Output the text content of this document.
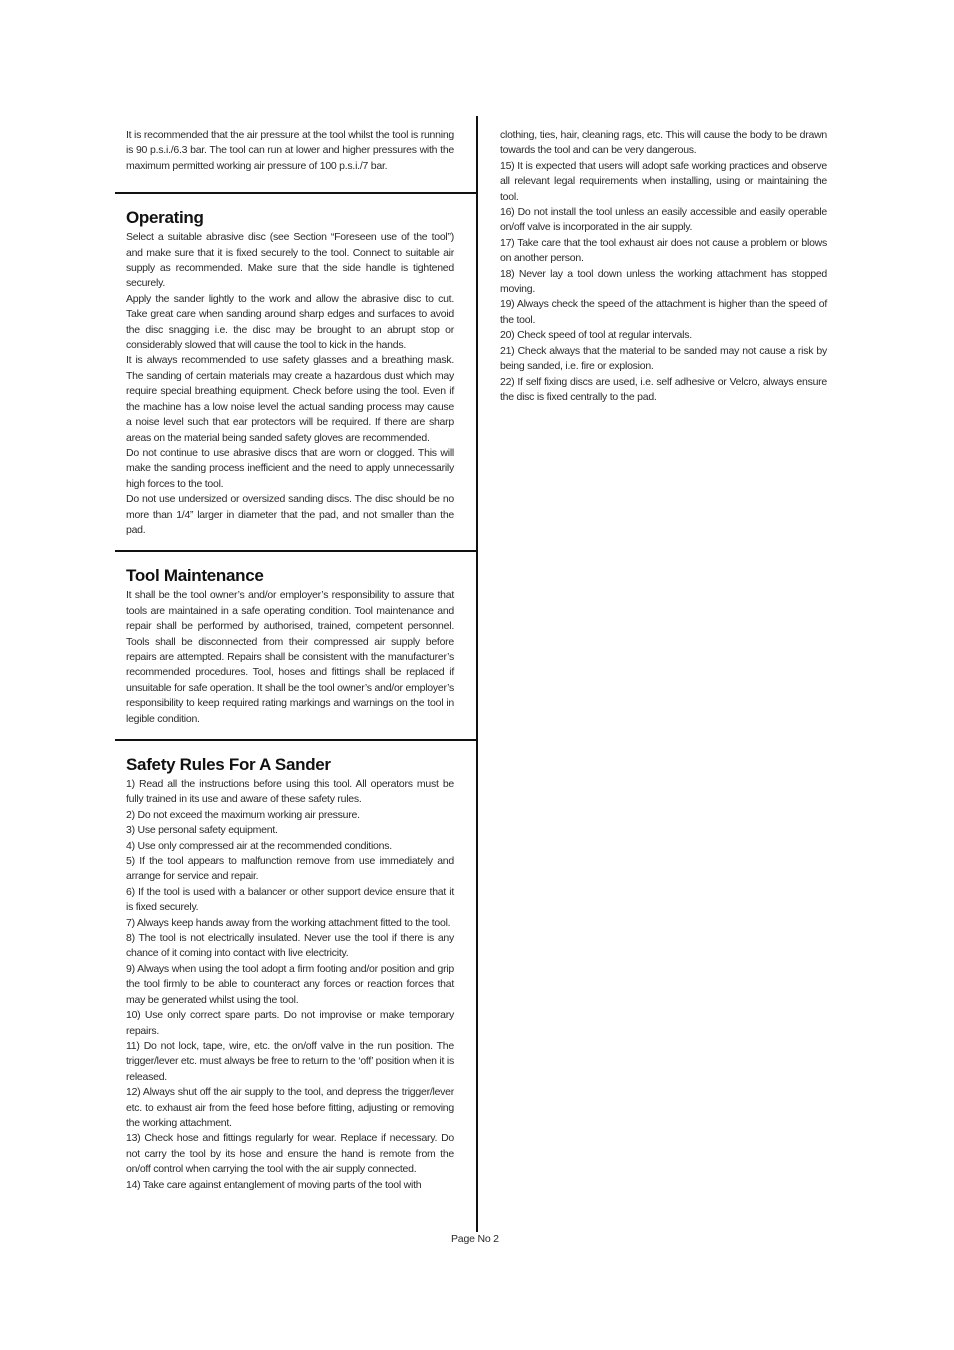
It is recommended that the air pressure at the tool whilst the tool is running is 90 p.s.i./6.3 bar. The tool can run at lower and higher pressures with the maximum permitted working air pressure of 100 p.s.i./7 bar.

Operating

Select a suitable abrasive disc (see Section “Foreseen use of the tool”) and make sure that it is fixed securely to the tool. Connect to suitable air supply as recommended. Make sure that the side handle is tightened securely.

Apply the sander lightly to the work and allow the abrasive disc to cut. Take great care when sanding around sharp edges and surfaces to avoid the disc snagging i.e. the disc may be brought to an abrupt stop or considerably slowed that will cause the tool to kick in the hands.

It is always recommended to use safety glasses and a breathing mask. The sanding of certain materials may create a hazardous dust which may require special breathing equipment. Check before using the tool. Even if the machine has a low noise level the actual sanding process may cause a noise level such that ear protectors will be required. If there are sharp areas on the material being sanded safety gloves are recommended.

Do not continue to use abrasive discs that are worn or clogged. This will make the sanding process inefficient and the need to apply unnecessarily high forces to the tool.

Do not use undersized or oversized sanding discs. The disc should be no more than 1/4” larger in diameter that the pad, and not smaller than the pad.

Tool Maintenance

It shall be the tool owner’s and/or employer’s responsibility to assure that tools are maintained in a safe operating condition. Tool maintenance and repair shall be performed by authorised, trained, competent personnel. Tools shall be disconnected from their compressed air supply before repairs are attempted. Repairs shall be consistent with the manufacturer’s recommended procedures. Tool, hoses and fittings shall be replaced if unsuitable for safe operation. It shall be the tool owner’s and/or employer’s responsibility to keep required rating markings and warnings on the tool in legible condition.

Safety Rules For A Sander

1) Read all the instructions before using this tool. All operators must be fully trained in its use and aware of these safety rules.

2) Do not exceed the maximum working air pressure.

3) Use personal safety equipment.

4) Use only compressed air at the recommended conditions.

5) If the tool appears to malfunction remove from use immediately and arrange for service and repair.

6) If the tool is used with a balancer or other support device ensure that it is fixed securely.

7) Always keep hands away from the working attachment fitted to the tool.

8) The tool is not electrically insulated. Never use the tool if there is any chance of it coming into contact with live electricity.

9) Always when using the tool adopt a firm footing and/or position and grip the tool firmly to be able to counteract any forces or reaction forces that may be generated whilst using the tool.

10) Use only correct spare parts. Do not improvise or make temporary repairs.

11) Do not lock, tape, wire, etc. the on/off valve in the run position. The trigger/lever etc. must always be free to return to the ‘off’ position when it is released.

12) Always shut off the air supply to the tool, and depress the trigger/lever etc. to exhaust air from the feed hose before fitting, adjusting or removing the working attachment.

13) Check hose and fittings regularly for wear. Replace if necessary. Do not carry the tool by its hose and ensure the hand is remote from the on/off control when carrying the tool with the air supply connected.

14) Take care against entanglement of moving parts of the tool with

clothing, ties, hair, cleaning rags, etc. This will cause the body to be drawn towards the tool and can be very dangerous.

15) It is expected that users will adopt safe working practices and observe all relevant legal requirements when installing, using or maintaining the tool.

16) Do not install the tool unless an easily accessible and easily operable on/off valve is incorporated in the air supply.

17) Take care that the tool exhaust air does not cause a problem or blows on another person.

18) Never lay a tool down unless the working attachment has stopped moving.

19) Always check the speed of the attachment is higher than the speed of the tool.

20) Check speed of tool at regular intervals.

21) Check always that the material to be sanded may not cause a risk by being sanded, i.e. fire or explosion.

22) If self fixing discs are used, i.e. self adhesive or Velcro, always ensure the disc is fixed centrally to the pad.

Page No 2
